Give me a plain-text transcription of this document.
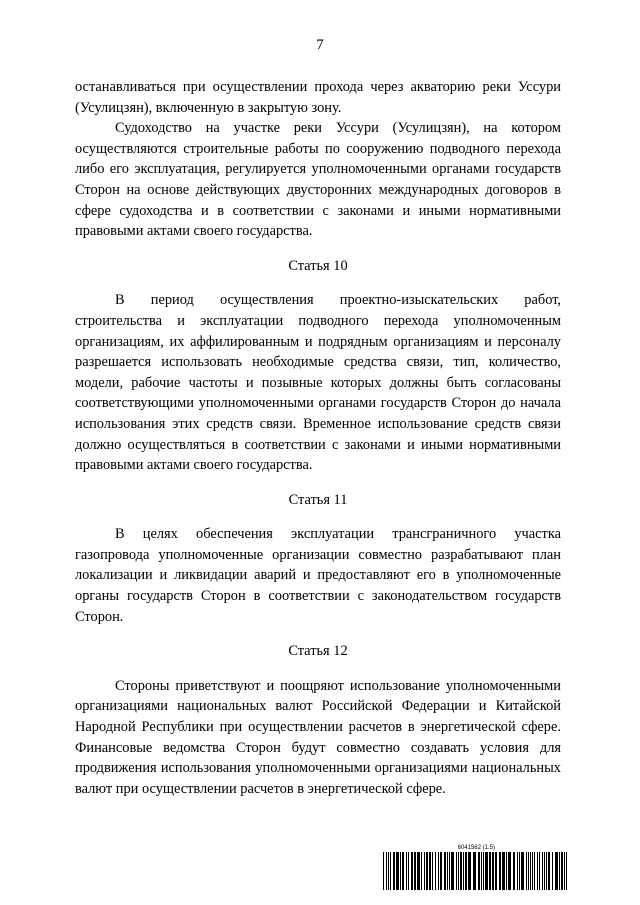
7

останавливаться при осуществлении прохода через акваторию реки Уссури (Усулицзян), включенную в закрытую зону.

Судоходство на участке реки Уссури (Усулицзян), на котором осуществляются строительные работы по сооружению подводного перехода либо его эксплуатация, регулируется уполномоченными органами государств Сторон на основе действующих двусторонних международных договоров в сфере судоходства и в соответствии с законами и иными нормативными правовыми актами своего государства.

Статья 10

В период осуществления проектно-изыскательских работ, строительства и эксплуатации подводного перехода уполномоченным организациям, их аффилированным и подрядным организациям и персоналу разрешается использовать необходимые средства связи, тип, количество, модели, рабочие частоты и позывные которых должны быть согласованы соответствующими уполномоченными органами государств Сторон до начала использования этих средств связи. Временное использование средств связи должно осуществляться в соответствии с законами и иными нормативными правовыми актами своего государства.

Статья 11

В целях обеспечения эксплуатации трансграничного участка газопровода уполномоченные организации совместно разрабатывают план локализации и ликвидации аварий и предоставляют его в уполномоченные органы государств Сторон в соответствии с законодательством государств Сторон.

Статья 12

Стороны приветствуют и поощряют использование уполномоченными организациями национальных валют Российской Федерации и Китайской Народной Республики при осуществлении расчетов в энергетической сфере. Финансовые ведомства Сторон будут совместно создавать условия для продвижения использования уполномоченными организациями национальных валют при осуществлении расчетов в энергетической сфере.

6041562 (1.5)
